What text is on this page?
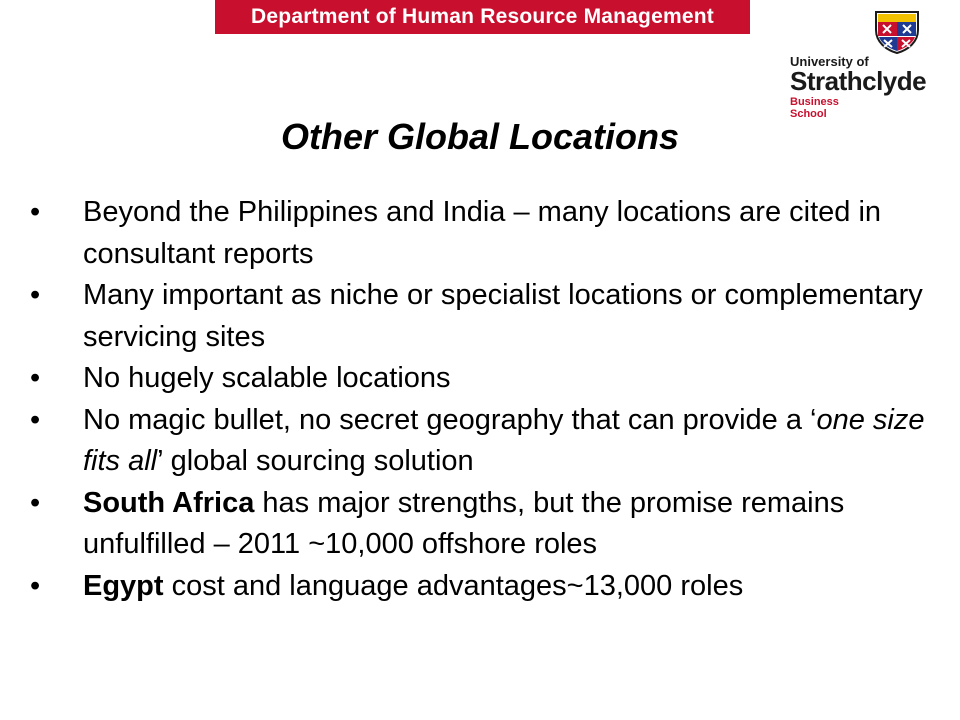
Department of Human Resource Management
University of
Strathclyde
Business
School
Other Global Locations
• Beyond the Philippines and India – many locations are cited in consultant reports
• Many important as niche or specialist locations or complementary servicing sites
• No hugely scalable locations
• No magic bullet, no secret geography that can provide a ‘one size fits all’ global sourcing solution
• South Africa has major strengths, but the promise remains unfulfilled – 2011 ~10,000 offshore roles
• Egypt cost and language advantages~13,000 roles
